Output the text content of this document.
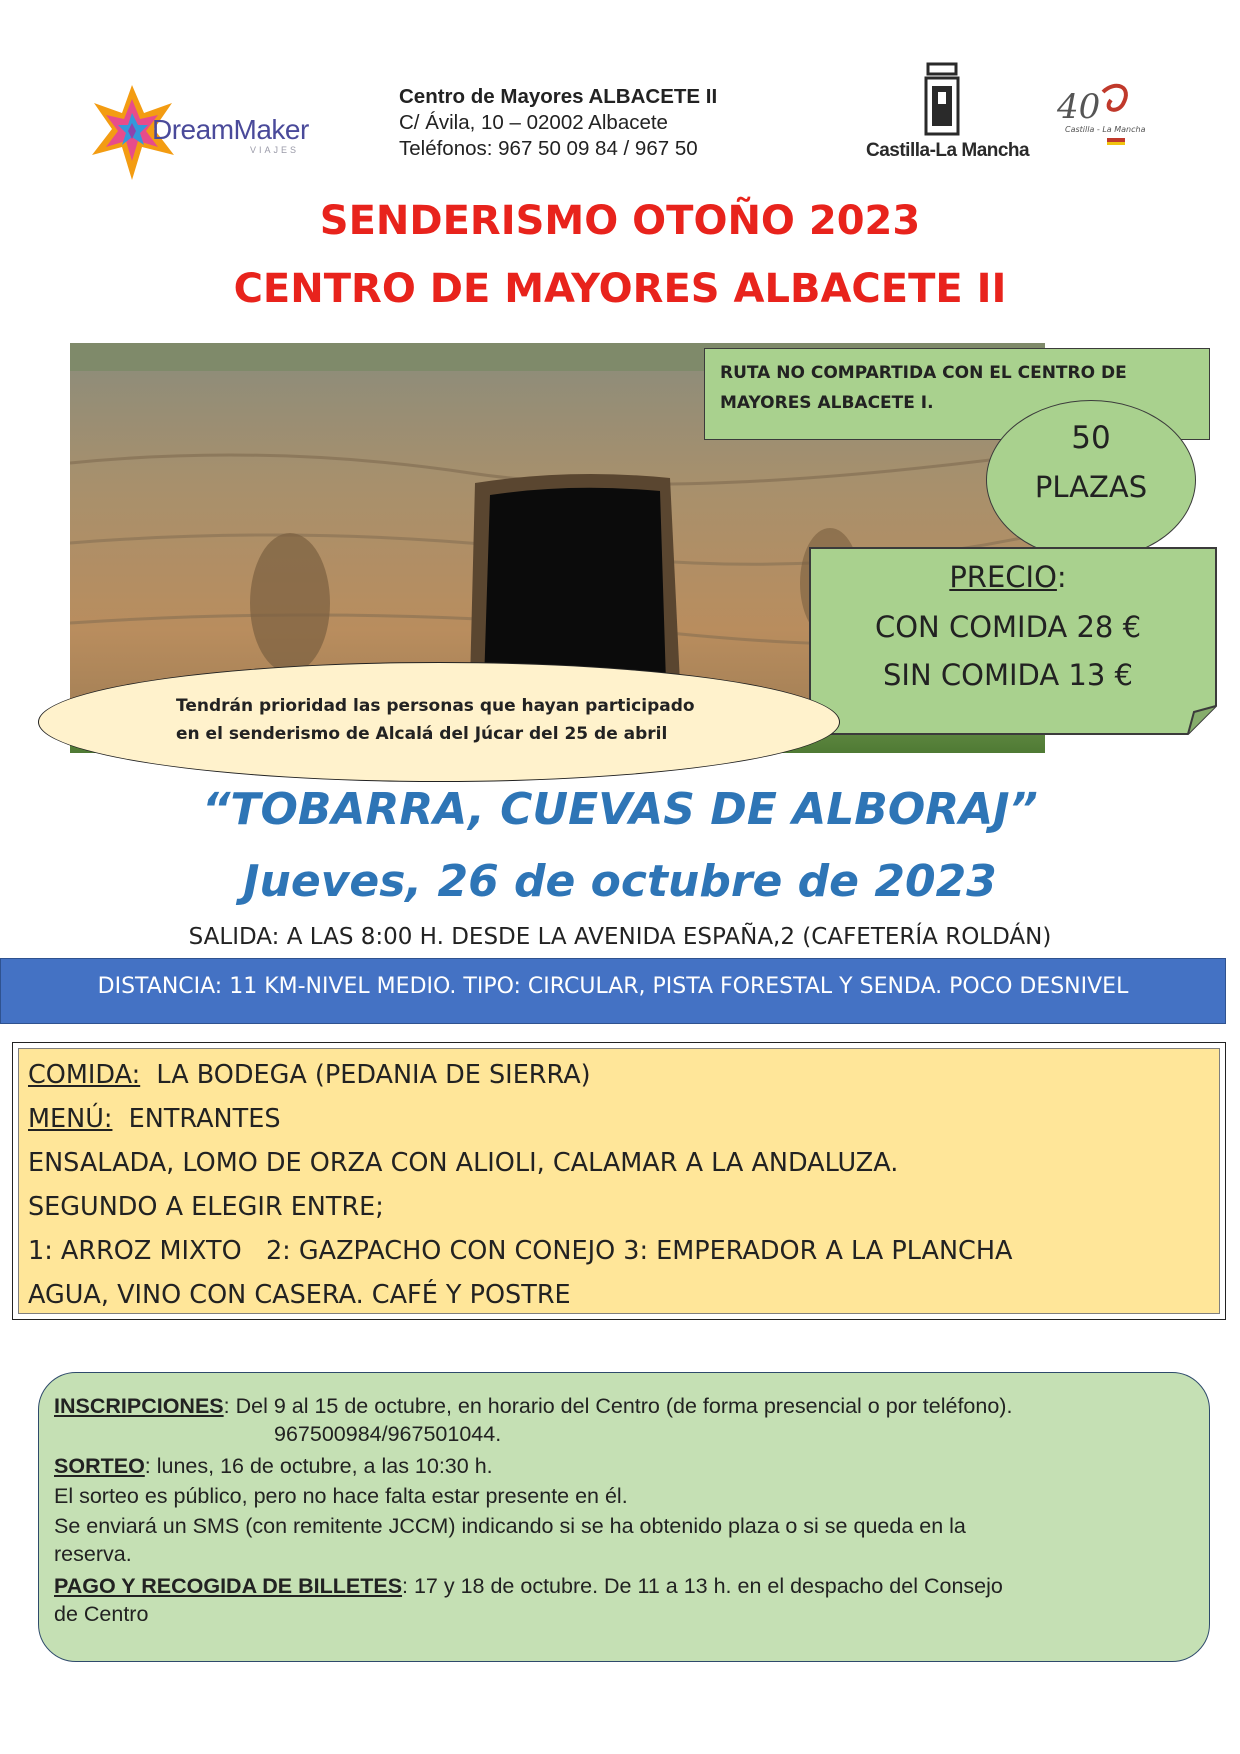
DreamMaker
VIAJES
Centro de Mayores ALBACETE II
C/ Ávila, 10 – 02002 Albacete
Teléfonos: 967 50 09 84 / 967 50	Castilla-La Mancha
40
Castilla - La Mancha
SENDERISMO OTOÑO 2023
CENTRO DE MAYORES ALBACETE II
RUTA NO COMPARTIDA CON EL CENTRO DE MAYORES ALBACETE I.
50
PLAZAS
PRECIO:
CON COMIDA 28 €
SIN COMIDA 13 €
Tendrán prioridad las personas que hayan participado
en el senderismo de Alcalá del Júcar del 25 de abril
“TOBARRA, CUEVAS DE ALBORAJ”
Jueves, 26 de octubre de 2023
SALIDA: A LAS 8:00 H. DESDE LA AVENIDA ESPAÑA,2 (CAFETERÍA ROLDÁN)
DISTANCIA: 11 KM-NIVEL MEDIO. TIPO: CIRCULAR, PISTA FORESTAL Y SENDA. POCO DESNIVEL
COMIDA:  LA BODEGA (PEDANIA DE SIERRA)
MENÚ:  ENTRANTES
ENSALADA, LOMO DE ORZA CON ALIOLI, CALAMAR A LA ANDALUZA.
SEGUNDO A ELEGIR ENTRE;
1: ARROZ MIXTO   2: GAZPACHO CON CONEJO 3: EMPERADOR A LA PLANCHA
AGUA, VINO CON CASERA. CAFÉ Y POSTRE
INSCRIPCIONES: Del 9 al 15 de octubre, en horario del Centro (de forma presencial o por teléfono).
967500984/967501044.
SORTEO: lunes, 16 de octubre, a las 10:30 h.
El sorteo es público, pero no hace falta estar presente en él.
Se enviará un SMS (con remitente JCCM) indicando si se ha obtenido plaza o si se queda en la
reserva.
PAGO Y RECOGIDA DE BILLETES: 17 y 18 de octubre. De 11 a 13 h. en el despacho del Consejo
de Centro
